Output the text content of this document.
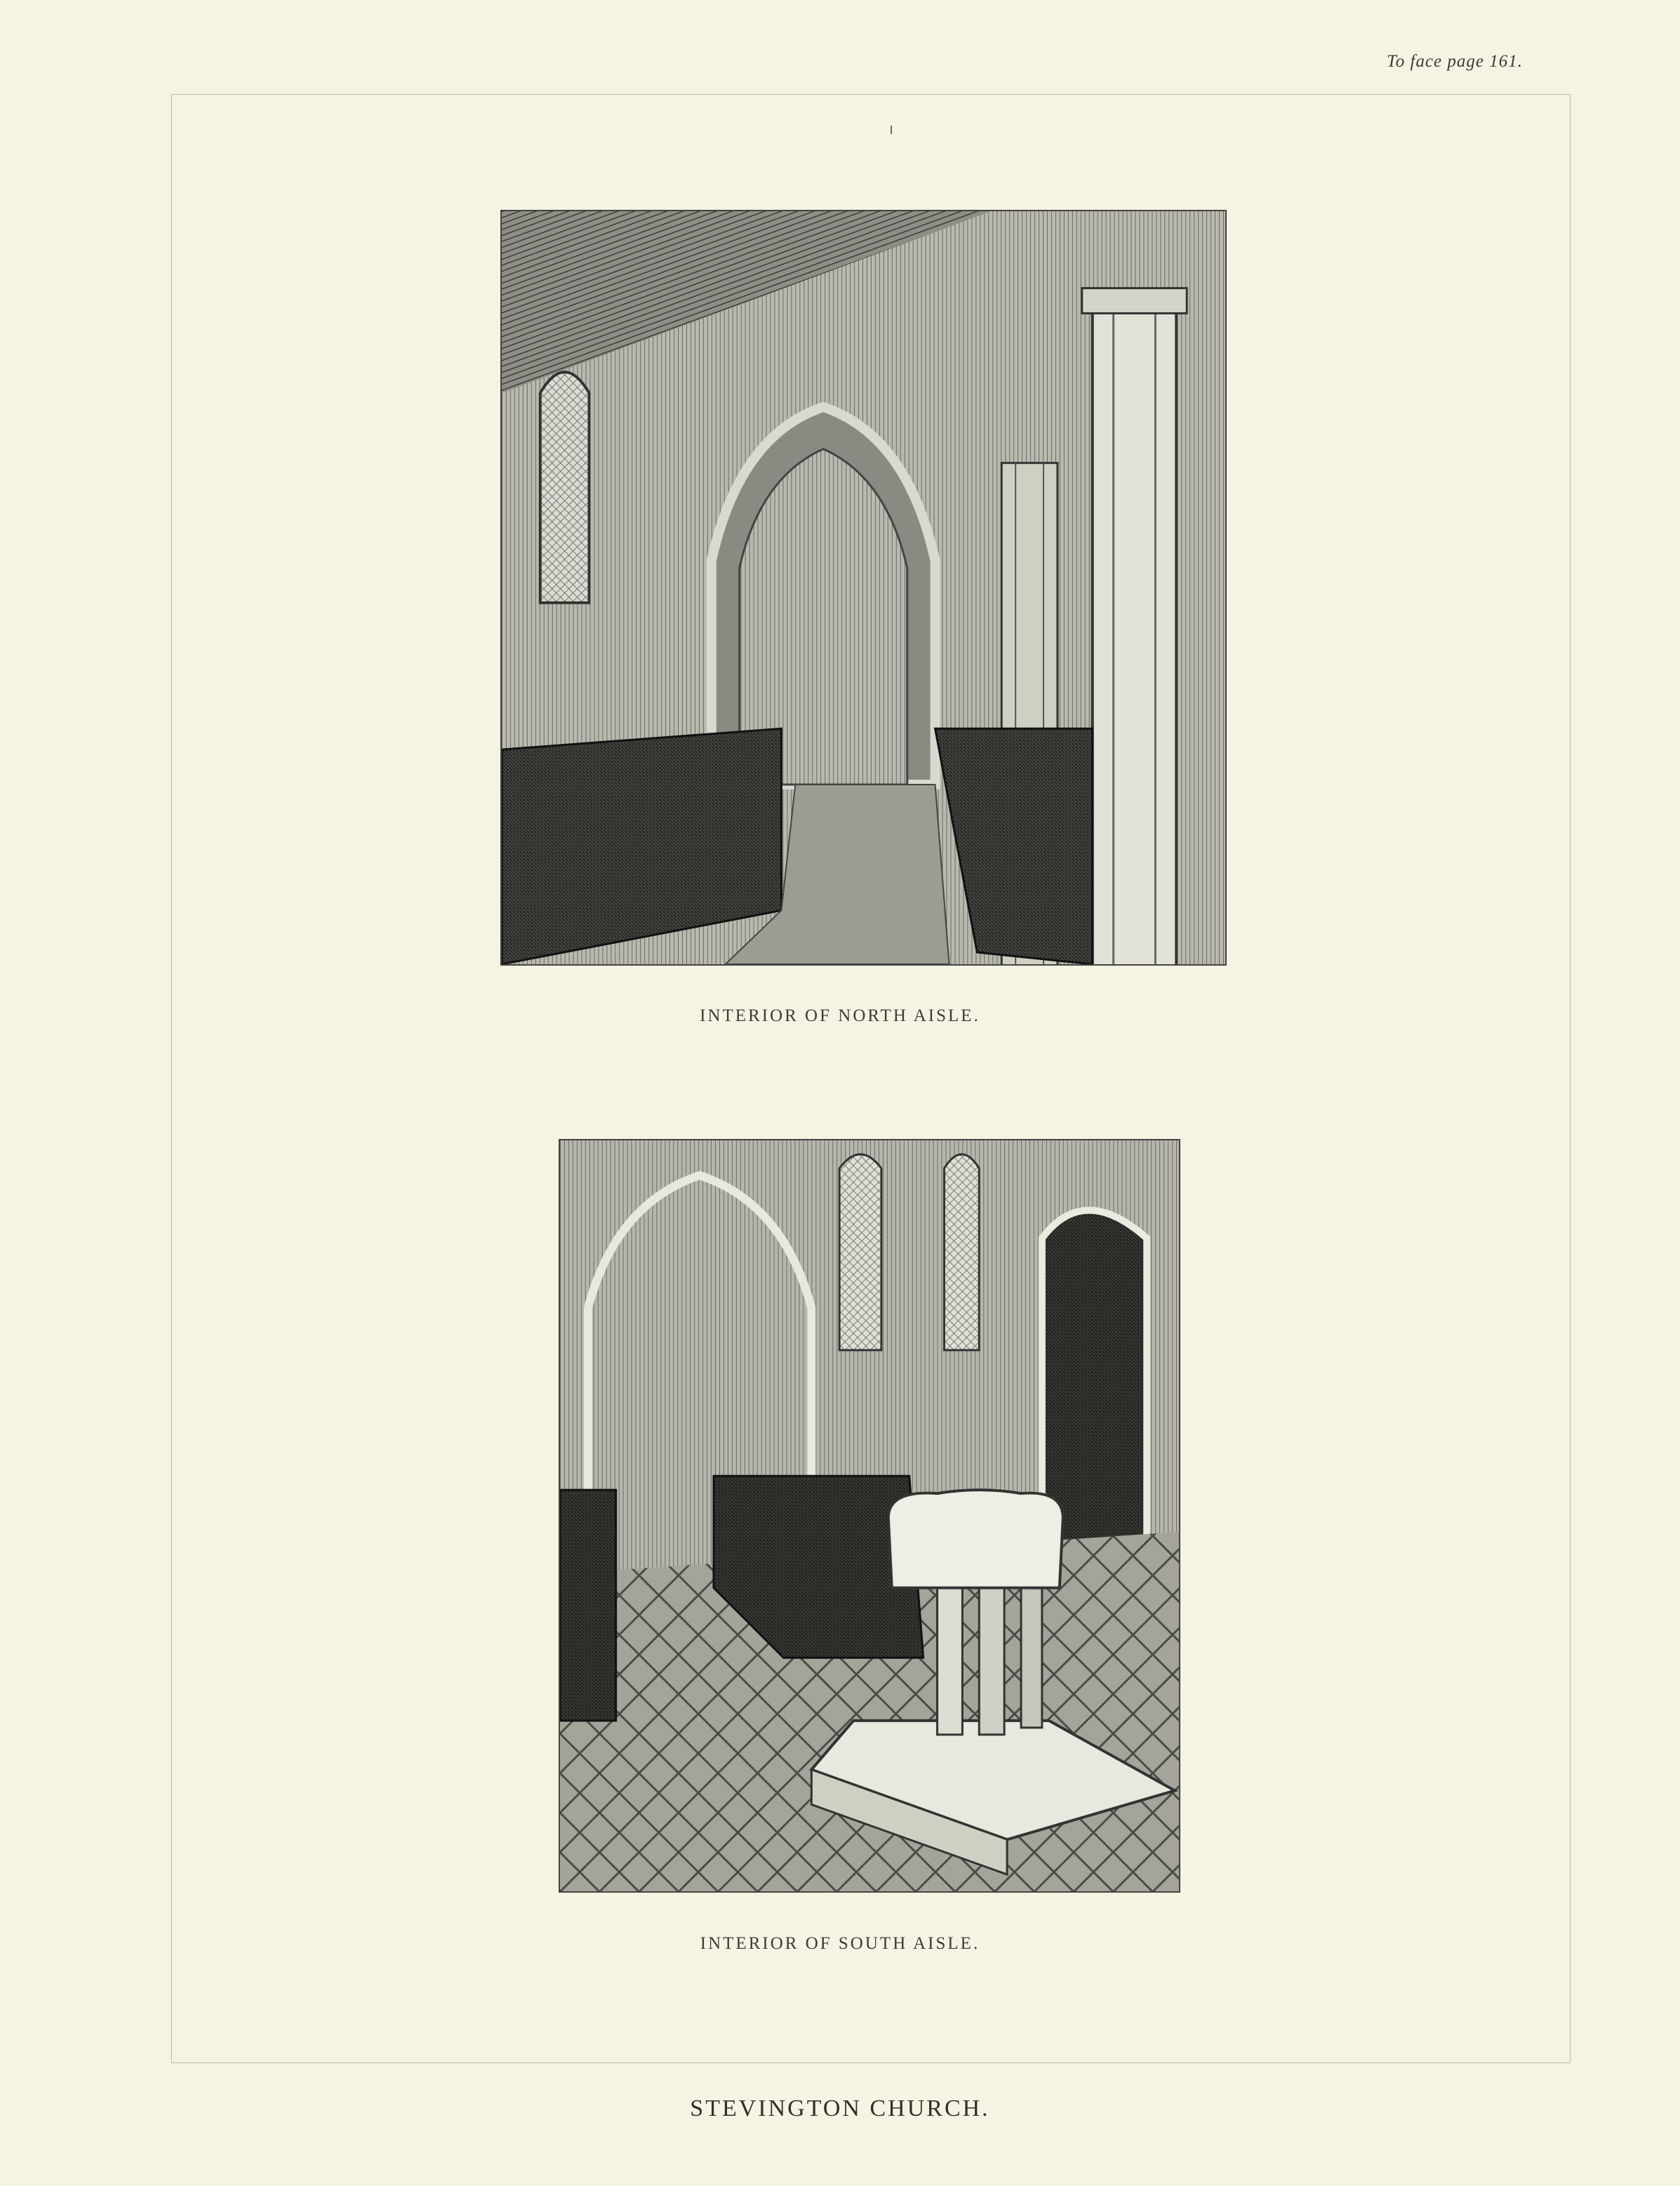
To face page 161.
INTERIOR OF NORTH AISLE.
INTERIOR OF SOUTH AISLE.
STEVINGTON CHURCH.
